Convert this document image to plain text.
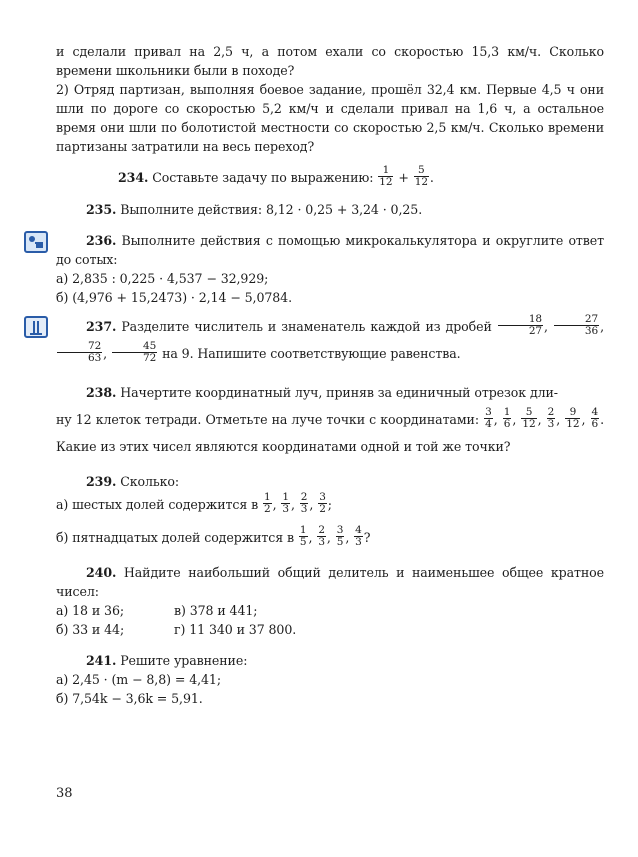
и сделали привал на 2,5 ч, а потом ехали со скоростью 15,3 км/ч. Сколько времени школьники были в походе?

2) Отряд партизан, выполняя боевое задание, прошёл 32,4 км. Первые 4,5 ч они шли по дороге со скоростью 5,2 км/ч и сделали привал на 1,6 ч, а остальное время они шли по болотистой местности со скоростью 2,5 км/ч. Сколько времени партизаны затратили на весь переход?

234. Составьте задачу по выражению: $\frac{1}{12} + \frac{5}{12}$ .

235. Выполните действия: 8,12 · 0,25 + 3,24 · 0,25.

236. Выполните действия с помощью микрокалькулятора и округлите ответ до сотых:

а) 2,835 : 0,225 · 4,537 − 32,929;

б) (4,976 + 15,2473) · 2,14 − 5,0784.

237. Разделите числитель и знаменатель каждой из дробей $\frac{18}{27}$ , $\frac{27}{36}$ ,
$\frac{72}{63}$ , $\frac{45}{72}$ на 9. Напишите соответствующие равенства.

238. Начертите координатный луч, приняв за единичный отрезок дли-

ну 12 клеток тетради. Отметьте на луче точки с координатами: $\frac{3}{4}$ , $\frac{1}{6}$ , $\frac{5}{12}$ , $\frac{2}{3}$ , $\frac{9}{12}$ , $\frac{4}{6}$ . Какие из этих чисел являются координатами одной и той же точки?

239. Сколько:

а) шестых долей содержится в $\frac{1}{2}$ , $\frac{1}{3}$ , $\frac{2}{3}$ , $\frac{3}{2}$ ;

б) пятнадцатых долей содержится в $\frac{1}{5}$ , $\frac{2}{3}$ , $\frac{3}{5}$ , $\frac{4}{3}$ ?

240. Найдите наибольший общий делитель и наименьшее общее кратное чисел:

а) 18 и 36;	в) 378 и 441;
б) 33 и 44;	г) 11 340 и 37 800.

241. Решите уравнение:

а) 2,45 · (m − 8,8) = 4,41;

б) 7,54k − 3,6k = 5,91.

38
